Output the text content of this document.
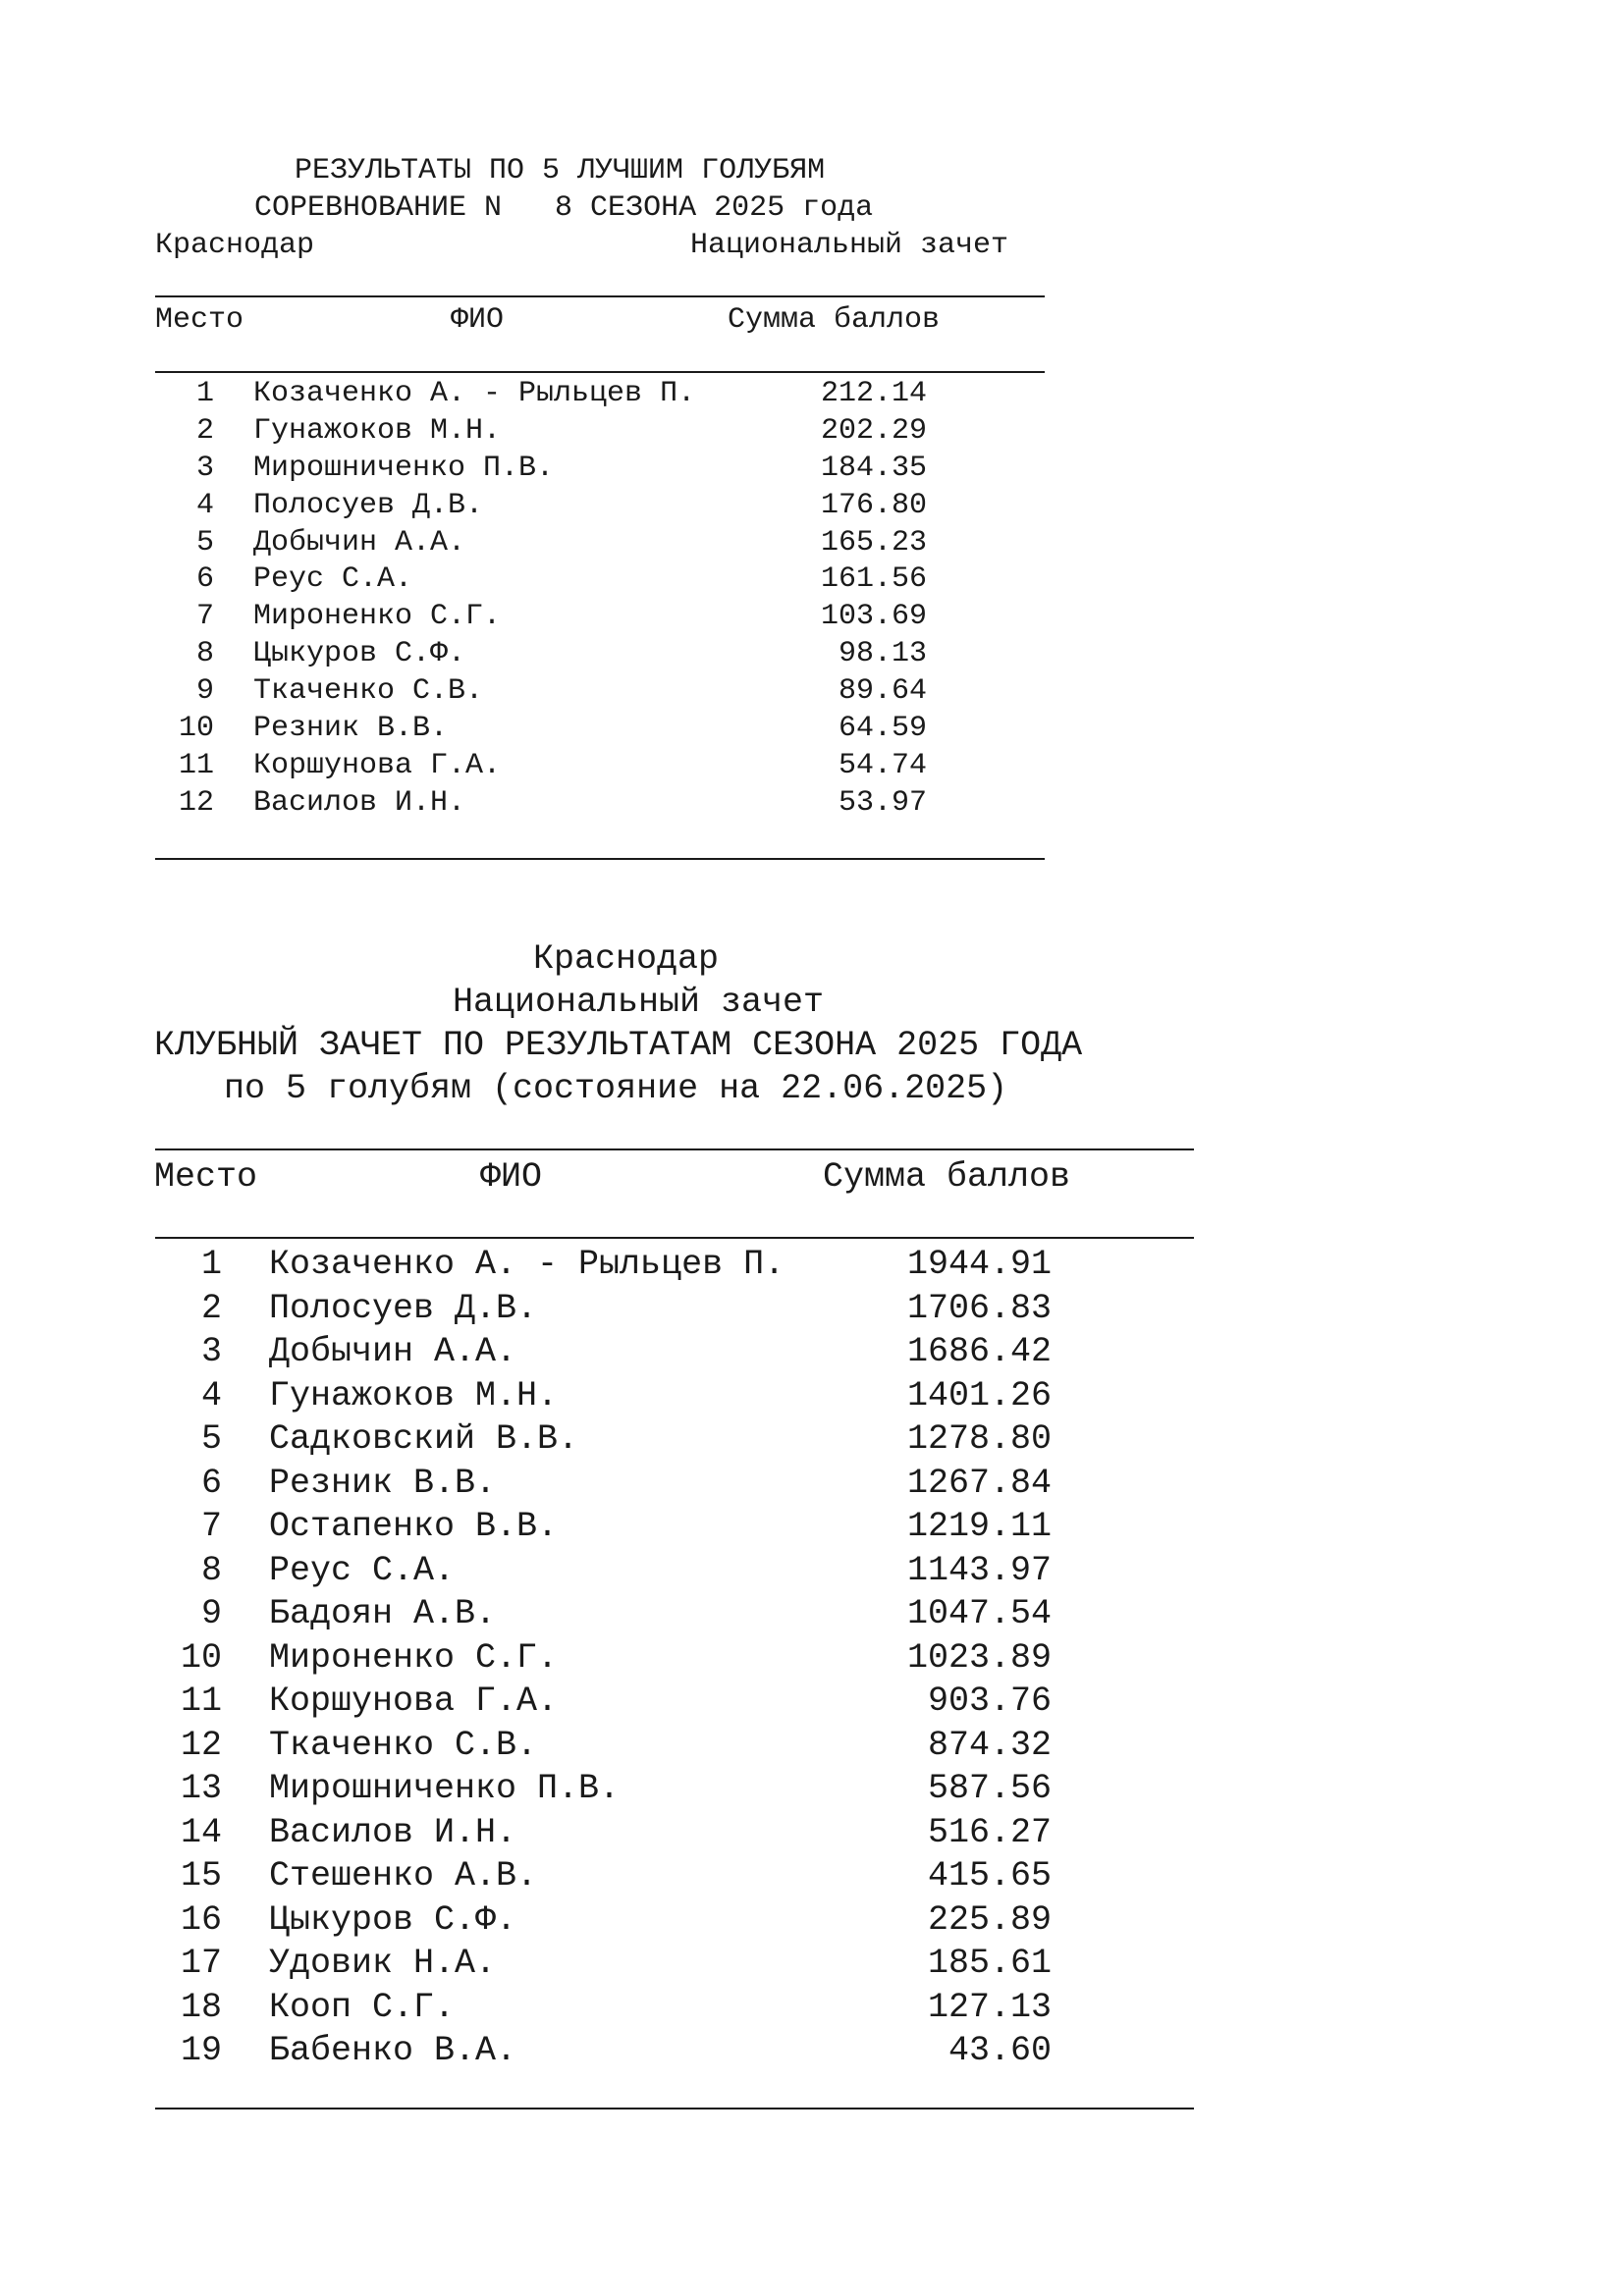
РЕЗУЛЬТАТЫ ПО 5 ЛУЧШИМ ГОЛУБЯМ
СОРЕВНОВАНИЕ N   8 СЕЗОНА 2025 года
Краснодар	Национальный зачет
Место	ФИО	Сумма баллов
1 Козаченко А. - Рыльцев П.	212.14
2 Гунажоков М.Н.	202.29
3 Мирошниченко П.В.	184.35
4 Полосуев Д.В.	176.80
5 Добычин А.А.	165.23
6 Реус С.А.	161.56
7 Мироненко С.Г.	103.69
8 Цыкуров С.Ф.	98.13
9 Ткаченко С.В.	89.64
10 Резник В.В.	64.59
11 Коршунова Г.А.	54.74
12 Василов И.Н.	53.97
Краснодар
Национальный зачет
КЛУБНЫЙ ЗАЧЕТ ПО РЕЗУЛЬТАТАМ СЕЗОНА 2025 ГОДА
по 5 голубям (состояние на 22.06.2025)
Место	ФИО	Сумма баллов
1 Козаченко А. - Рыльцев П.	1944.91
2 Полосуев Д.В.	1706.83
3 Добычин А.А.	1686.42
4 Гунажоков М.Н.	1401.26
5 Садковский В.В.	1278.80
6 Резник В.В.	1267.84
7 Остапенко В.В.	1219.11
8 Реус С.А.	1143.97
9 Бадоян А.В.	1047.54
10 Мироненко С.Г.	1023.89
11 Коршунова Г.А.	903.76
12 Ткаченко С.В.	874.32
13 Мирошниченко П.В.	587.56
14 Василов И.Н.	516.27
15 Стешенко А.В.	415.65
16 Цыкуров С.Ф.	225.89
17 Удовик Н.А.	185.61
18 Кооп С.Г.	127.13
19 Бабенко В.А.	43.60
